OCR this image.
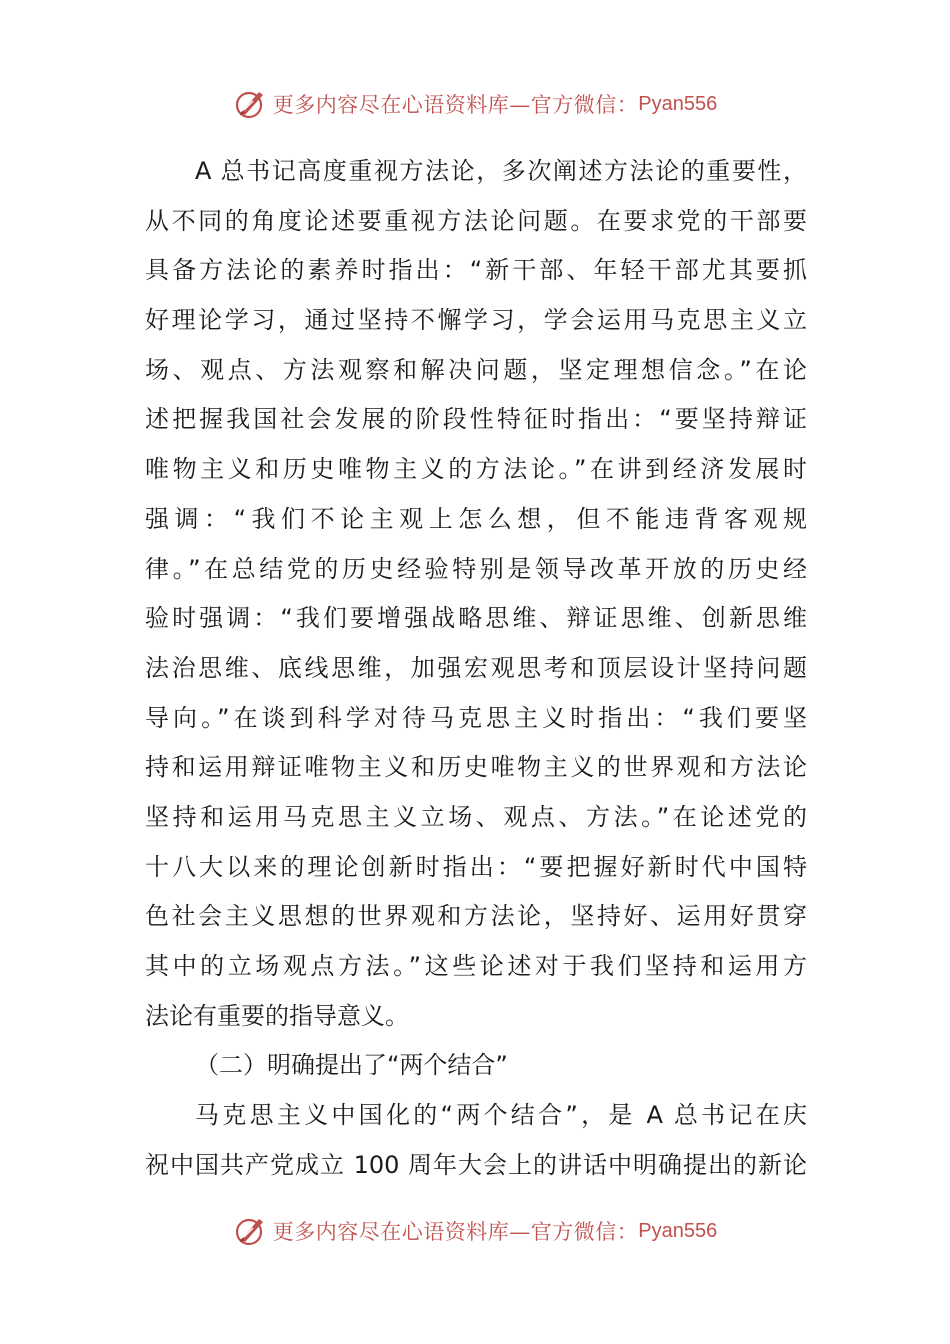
更多内容尽在心语资料库—官方微信： Pyan556
A 总书记高度重视方法论，多次阐述方法论的重要性，
从不同的角度论述要重视方法论问题。在要求党的干部要
具备方法论的素养时指出：“新干部、年轻干部尤其要抓
好理论学习，通过坚持不懈学习，学会运用马克思主义立
场、观点、方法观察和解决问题，坚定理想信念。”在论
述把握我国社会发展的阶段性特征时指出：“要坚持辩证
唯物主义和历史唯物主义的方法论。”在讲到经济发展时
强调：“我们不论主观上怎么想，但不能违背客观规
律。”在总结党的历史经验特别是领导改革开放的历史经
验时强调：“我们要增强战略思维、辩证思维、创新思维
法治思维、底线思维，加强宏观思考和顶层设计坚持问题
导向。”在谈到科学对待马克思主义时指出：“我们要坚
持和运用辩证唯物主义和历史唯物主义的世界观和方法论
坚持和运用马克思主义立场、观点、方法。”在论述党的
十八大以来的理论创新时指出：“要把握好新时代中国特
色社会主义思想的世界观和方法论，坚持好、运用好贯穿
其中的立场观点方法。”这些论述对于我们坚持和运用方
法论有重要的指导意义。
（二）明确提出了“两个结合”
马克思主义中国化的“两个结合”，是 A 总书记在庆
祝中国共产党成立 100 周年大会上的讲话中明确提出的新论
更多内容尽在心语资料库—官方微信： Pyan556
